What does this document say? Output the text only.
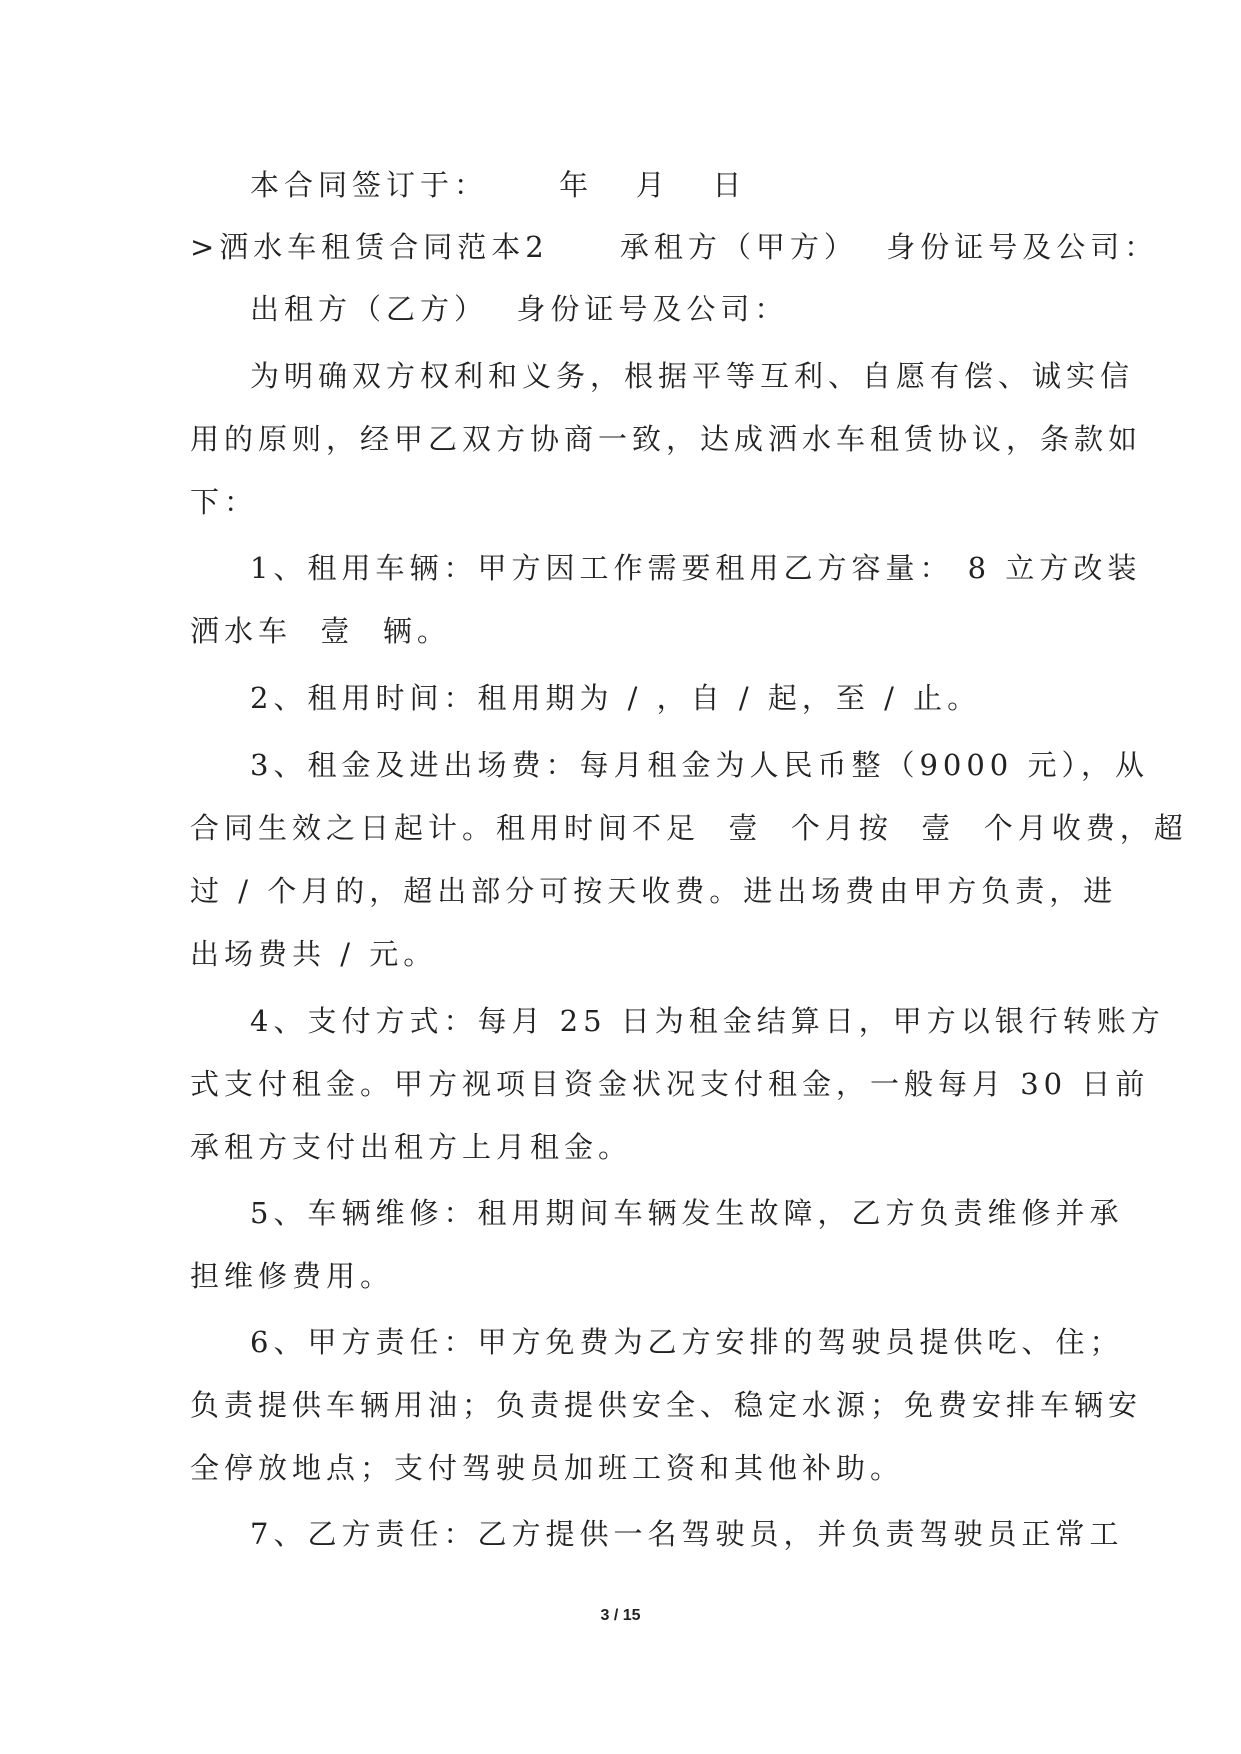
本合同签订于：     年   月   日
>洒水车租赁合同范本2     承租方（甲方）  身份证号及公司：
出租方（乙方）  身份证号及公司：
为明确双方权利和义务，根据平等互利、自愿有偿、诚实信
用的原则，经甲乙双方协商一致，达成洒水车租赁协议，条款如
下：
1、租用车辆：甲方因工作需要租用乙方容量： 8 立方改装
洒水车  壹  辆。
2、租用时间：租用期为 / ，自 / 起，至 / 止。
3、租金及进出场费：每月租金为人民币整（9000 元），从
合同生效之日起计。租用时间不足  壹  个月按  壹  个月收费，超
过 / 个月的，超出部分可按天收费。进出场费由甲方负责，进
出场费共 / 元。
4、支付方式：每月 25 日为租金结算日，甲方以银行转账方
式支付租金。甲方视项目资金状况支付租金，一般每月 30 日前
承租方支付出租方上月租金。
5、车辆维修：租用期间车辆发生故障，乙方负责维修并承
担维修费用。
6、甲方责任：甲方免费为乙方安排的驾驶员提供吃、住；
负责提供车辆用油；负责提供安全、稳定水源；免费安排车辆安
全停放地点；支付驾驶员加班工资和其他补助。
7、乙方责任：乙方提供一名驾驶员，并负责驾驶员正常工
3 / 15
